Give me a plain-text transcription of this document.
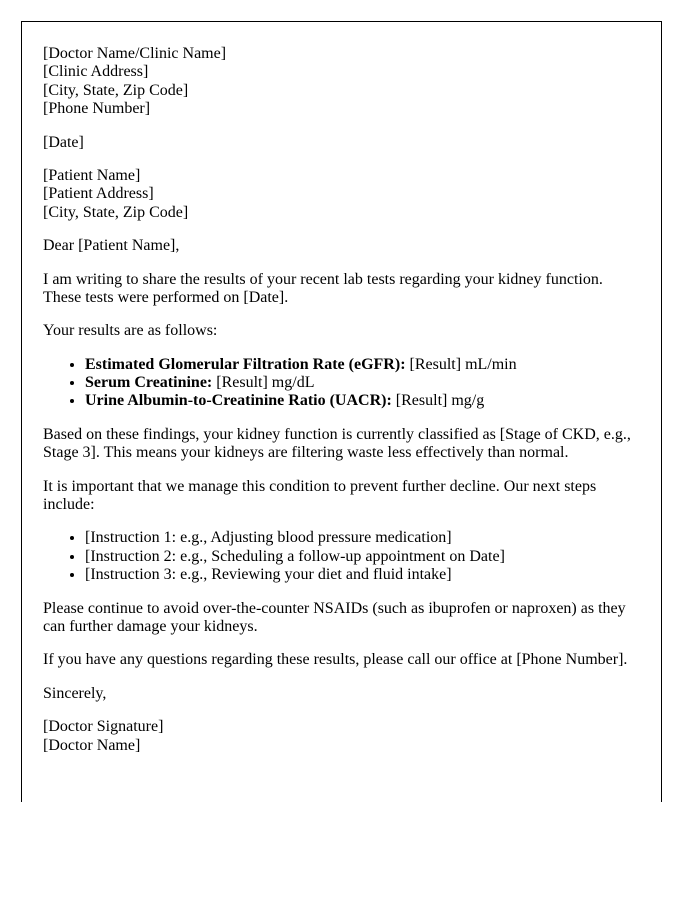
[Doctor Name/Clinic Name]
[Clinic Address]
[City, State, Zip Code]
[Phone Number]
[Date]
[Patient Name]
[Patient Address]
[City, State, Zip Code]
Dear [Patient Name],
I am writing to share the results of your recent lab tests regarding your kidney function. These tests were performed on [Date].
Your results are as follows:
• Estimated Glomerular Filtration Rate (eGFR): [Result] mL/min
• Serum Creatinine: [Result] mg/dL
• Urine Albumin-to-Creatinine Ratio (UACR): [Result] mg/g
Based on these findings, your kidney function is currently classified as [Stage of CKD, e.g., Stage 3]. This means your kidneys are filtering waste less effectively than normal.
It is important that we manage this condition to prevent further decline. Our next steps include:
• [Instruction 1: e.g., Adjusting blood pressure medication]
• [Instruction 2: e.g., Scheduling a follow-up appointment on Date]
• [Instruction 3: e.g., Reviewing your diet and fluid intake]
Please continue to avoid over-the-counter NSAIDs (such as ibuprofen or naproxen) as they can further damage your kidneys.
If you have any questions regarding these results, please call our office at [Phone Number].
Sincerely,
[Doctor Signature]
[Doctor Name]
